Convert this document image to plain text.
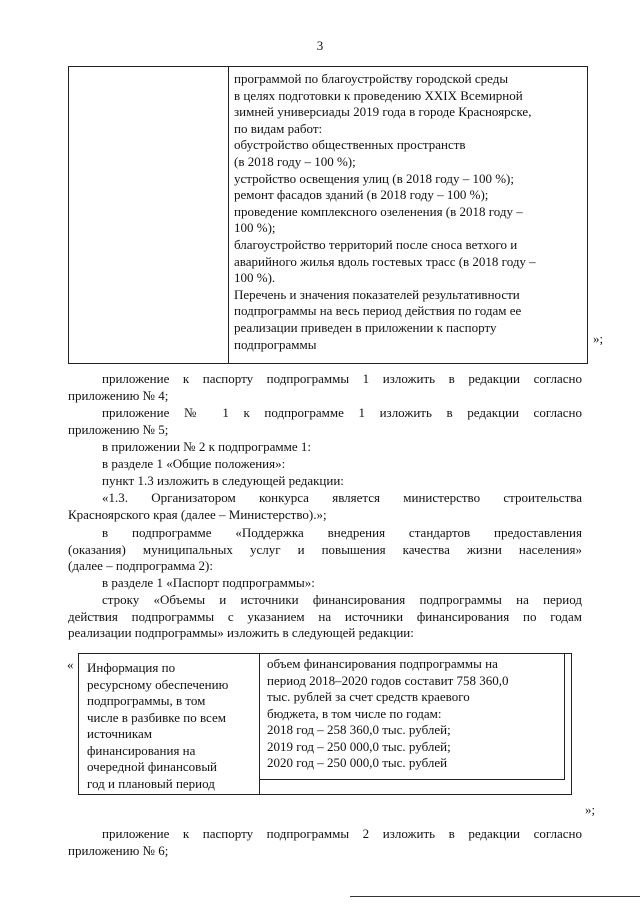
3
программой по благоустройству городской среды
в целях подготовки к проведению XXIX Всемирной
зимней универсиады 2019 года в городе Красноярске,
по видам работ:
обустройство общественных пространств
(в 2018 году – 100 %);
устройство освещения улиц (в 2018 году – 100 %);
ремонт фасадов зданий (в 2018 году – 100 %);
проведение комплексного озеленения (в 2018 году –
100 %);
благоустройство территорий после сноса ветхого и
аварийного жилья вдоль гостевых трасс (в 2018 году –
100 %).
Перечень и значения показателей результативности
подпрограммы на весь период действия по годам ее
реализации приведен в приложении к паспорту
подпрограммы	»;
приложение к паспорту подпрограммы 1 изложить в редакции согласно
приложению № 4;
приложение № 1 к подпрограмме 1 изложить в редакции согласно
приложению № 5;
в приложении № 2 к подпрограмме 1:
в разделе 1 «Общие положения»:
пункт 1.3 изложить в следующей редакции:
«1.3. Организатором конкурса является министерство строительства
Красноярского края (далее – Министерство).»;
в подпрограмме «Поддержка внедрения стандартов предоставления
(оказания) муниципальных услуг и повышения качества жизни населения»
(далее – подпрограмма 2):
в разделе 1 «Паспорт подпрограммы»:
строку «Объемы и источники финансирования подпрограммы на период
действия подпрограммы с указанием на источники финансирования по годам
реализации подпрограммы» изложить в следующей редакции:
« Информация по
ресурсному обеспечению
подпрограммы, в том
числе в разбивке по всем
источникам
финансирования на
очередной финансовый
год и плановый период
объем финансирования подпрограммы на
период 2018–2020 годов составит 758 360,0
тыс. рублей за счет средств краевого
бюджета, в том числе по годам:
2018 год – 258 360,0 тыс. рублей;
2019 год – 250 000,0 тыс. рублей;
2020 год – 250 000,0 тыс. рублей
»;
приложение к паспорту подпрограммы 2 изложить в редакции согласно
приложению № 6;
